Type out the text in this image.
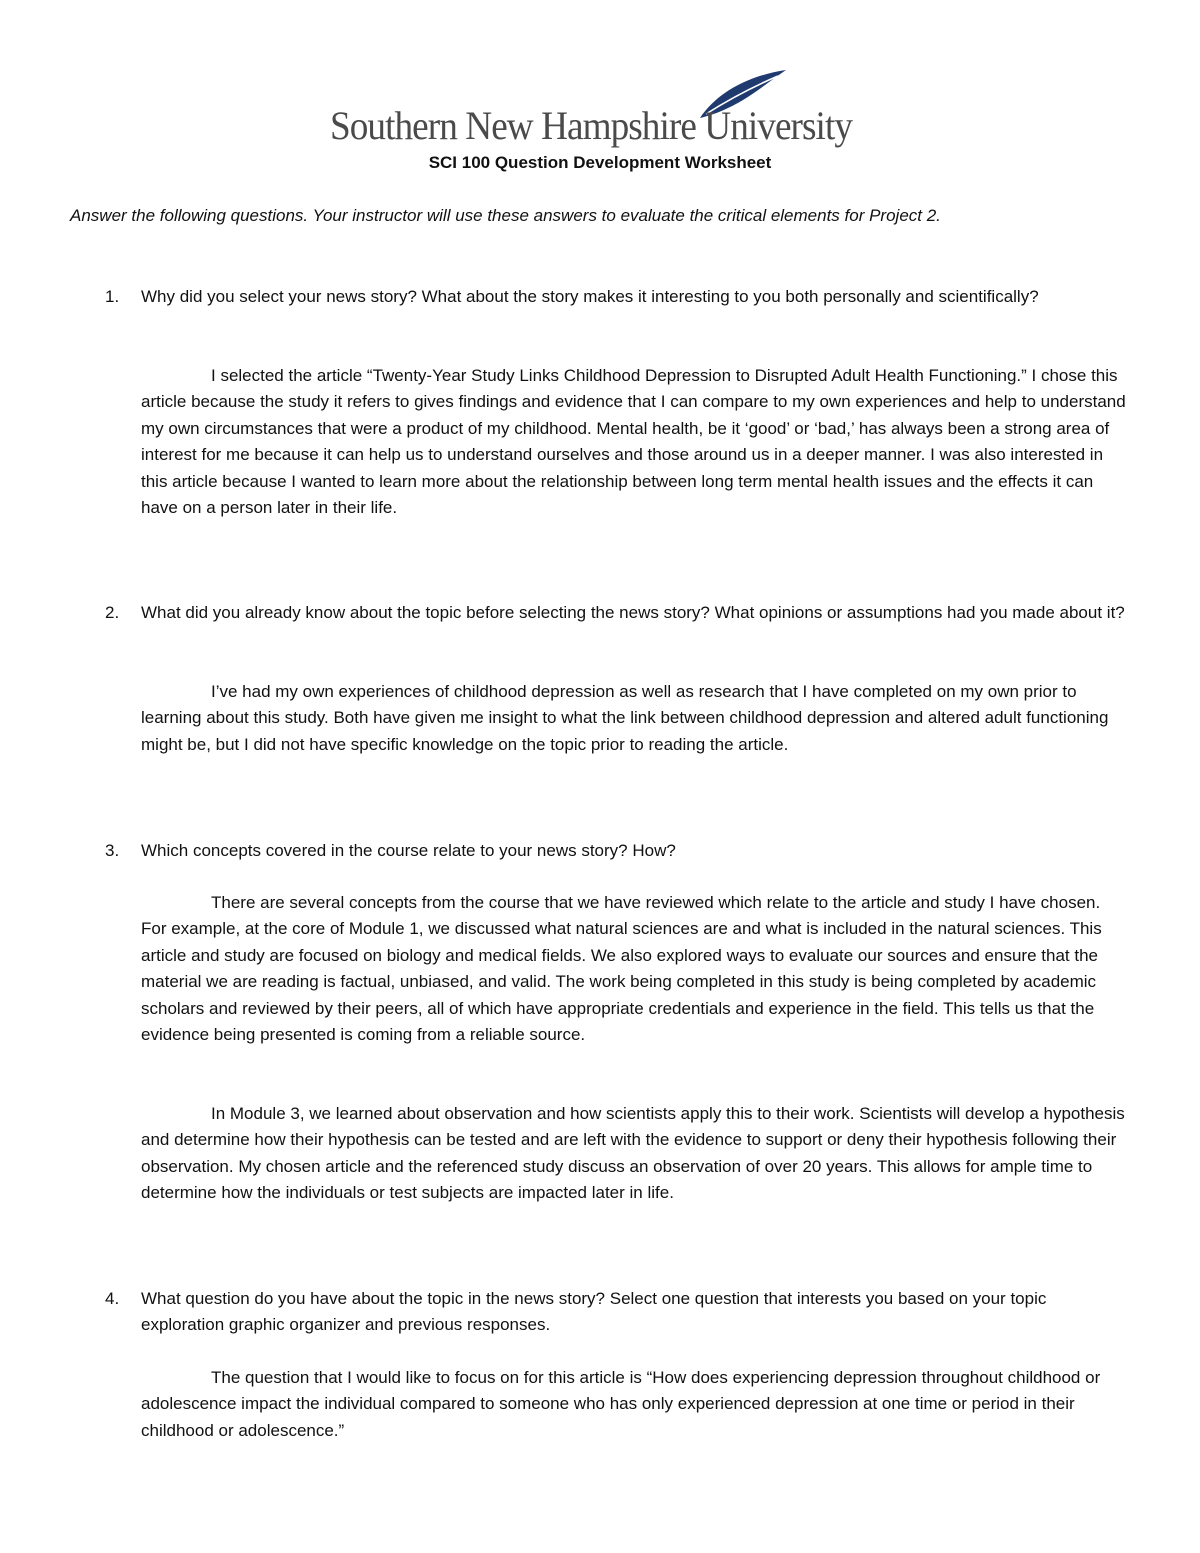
Southern New Hampshire University
SCI 100 Question Development Worksheet
Answer the following questions. Your instructor will use these answers to evaluate the critical elements for Project 2.
1.	Why did you select your news story? What about the story makes it interesting to you both personally and scientifically?
I selected the article “Twenty-Year Study Links Childhood Depression to Disrupted Adult Health Functioning.” I chose this article because the study it refers to gives findings and evidence that I can compare to my own experiences and help to understand my own circumstances that were a product of my childhood. Mental health, be it ‘good’ or ‘bad,’ has always been a strong area of interest for me because it can help us to understand ourselves and those around us in a deeper manner. I was also interested in this article because I wanted to learn more about the relationship between long term mental health issues and the effects it can have on a person later in their life.
2.	What did you already know about the topic before selecting the news story? What opinions or assumptions had you made about it?
I’ve had my own experiences of childhood depression as well as research that I have completed on my own prior to learning about this study. Both have given me insight to what the link between childhood depression and altered adult functioning might be, but I did not have specific knowledge on the topic prior to reading the article.
3.	Which concepts covered in the course relate to your news story? How?
There are several concepts from the course that we have reviewed which relate to the article and study I have chosen. For example, at the core of Module 1, we discussed what natural sciences are and what is included in the natural sciences. This article and study are focused on biology and medical fields. We also explored ways to evaluate our sources and ensure that the material we are reading is factual, unbiased, and valid. The work being completed in this study is being completed by academic scholars and reviewed by their peers, all of which have appropriate credentials and experience in the field. This tells us that the evidence being presented is coming from a reliable source.
In Module 3, we learned about observation and how scientists apply this to their work. Scientists will develop a hypothesis and determine how their hypothesis can be tested and are left with the evidence to support or deny their hypothesis following their observation. My chosen article and the referenced study discuss an observation of over 20 years. This allows for ample time to determine how the individuals or test subjects are impacted later in life.
4.	What question do you have about the topic in the news story? Select one question that interests you based on your topic exploration graphic organizer and previous responses.
The question that I would like to focus on for this article is “How does experiencing depression throughout childhood or adolescence impact the individual compared to someone who has only experienced depression at one time or period in their childhood or adolescence.”
